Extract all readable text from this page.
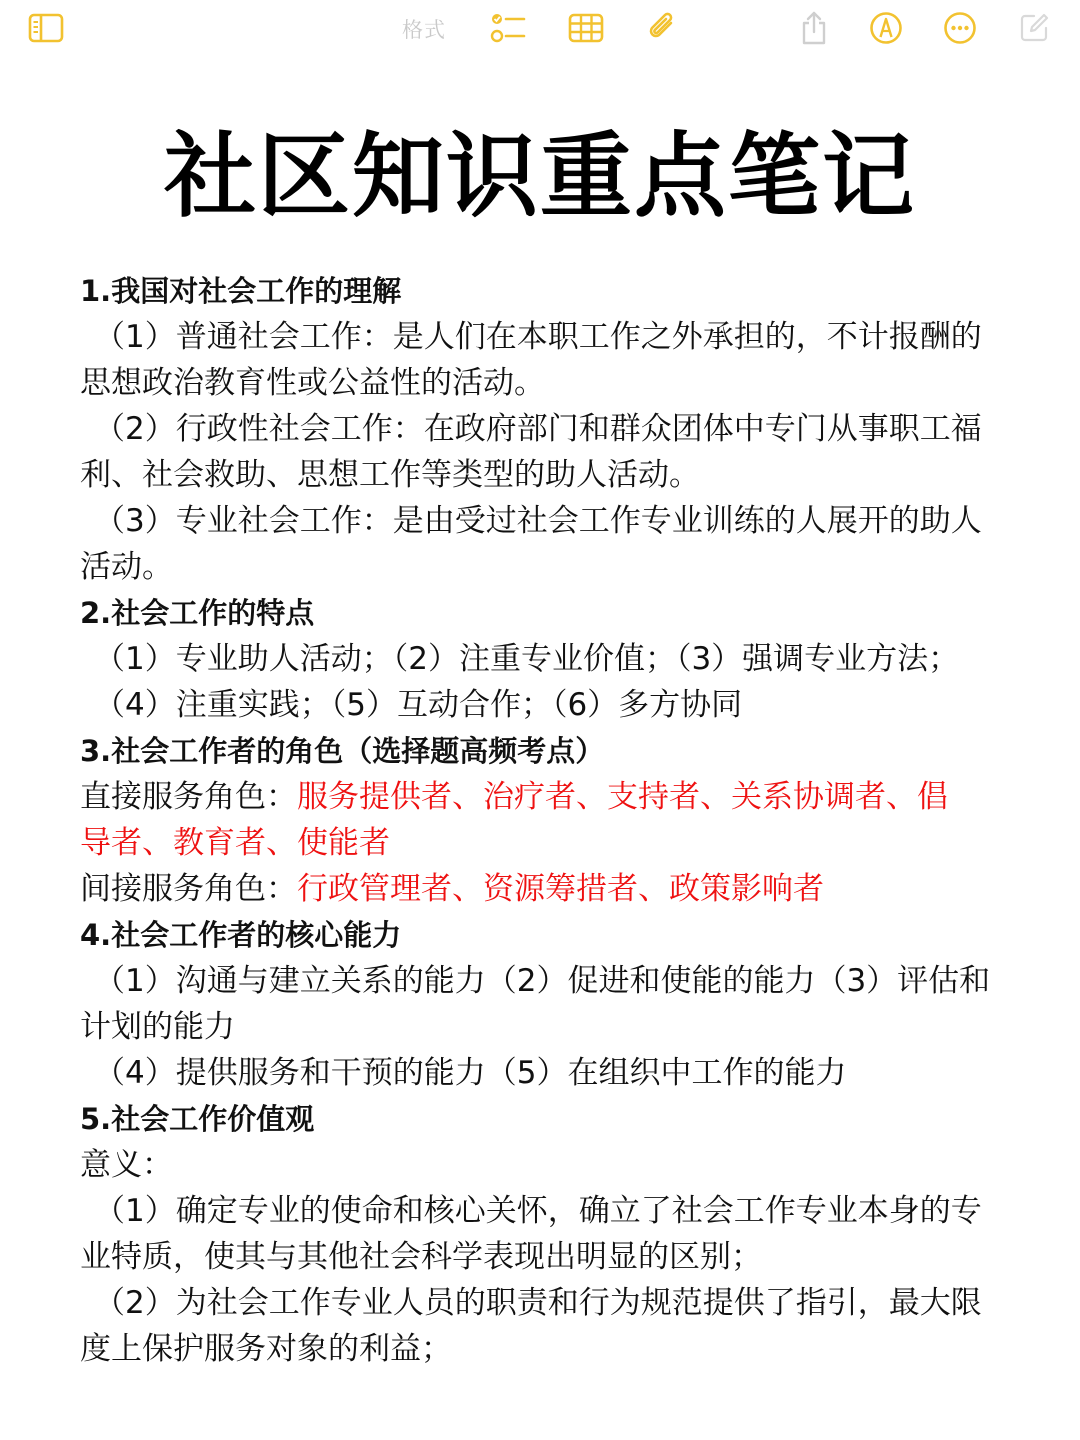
格式
社区知识重点笔记
1.我国对社会工作的理解
（1）普通社会工作：是人们在本职工作之外承担的，不计报酬的
思想政治教育性或公益性的活动。
（2）行政性社会工作：在政府部门和群众团体中专门从事职工福
利、社会救助、思想工作等类型的助人活动。
（3）专业社会工作：是由受过社会工作专业训练的人展开的助人
活动。
2.社会工作的特点
（1）专业助人活动；（2）注重专业价值；（3）强调专业方法；
（4）注重实践；（5）互动合作；（6）多方协同
3.社会工作者的角色（选择题高频考点）
直接服务角色：服务提供者、治疗者、支持者、关系协调者、倡
导者、教育者、使能者
间接服务角色：行政管理者、资源筹措者、政策影响者
4.社会工作者的核心能力
（1）沟通与建立关系的能力（2）促进和使能的能力（3）评估和
计划的能力
（4）提供服务和干预的能力（5）在组织中工作的能力
5.社会工作价值观
意义：
（1）确定专业的使命和核心关怀，确立了社会工作专业本身的专
业特质，使其与其他社会科学表现出明显的区别；
（2）为社会工作专业人员的职责和行为规范提供了指引，最大限
度上保护服务对象的利益；
